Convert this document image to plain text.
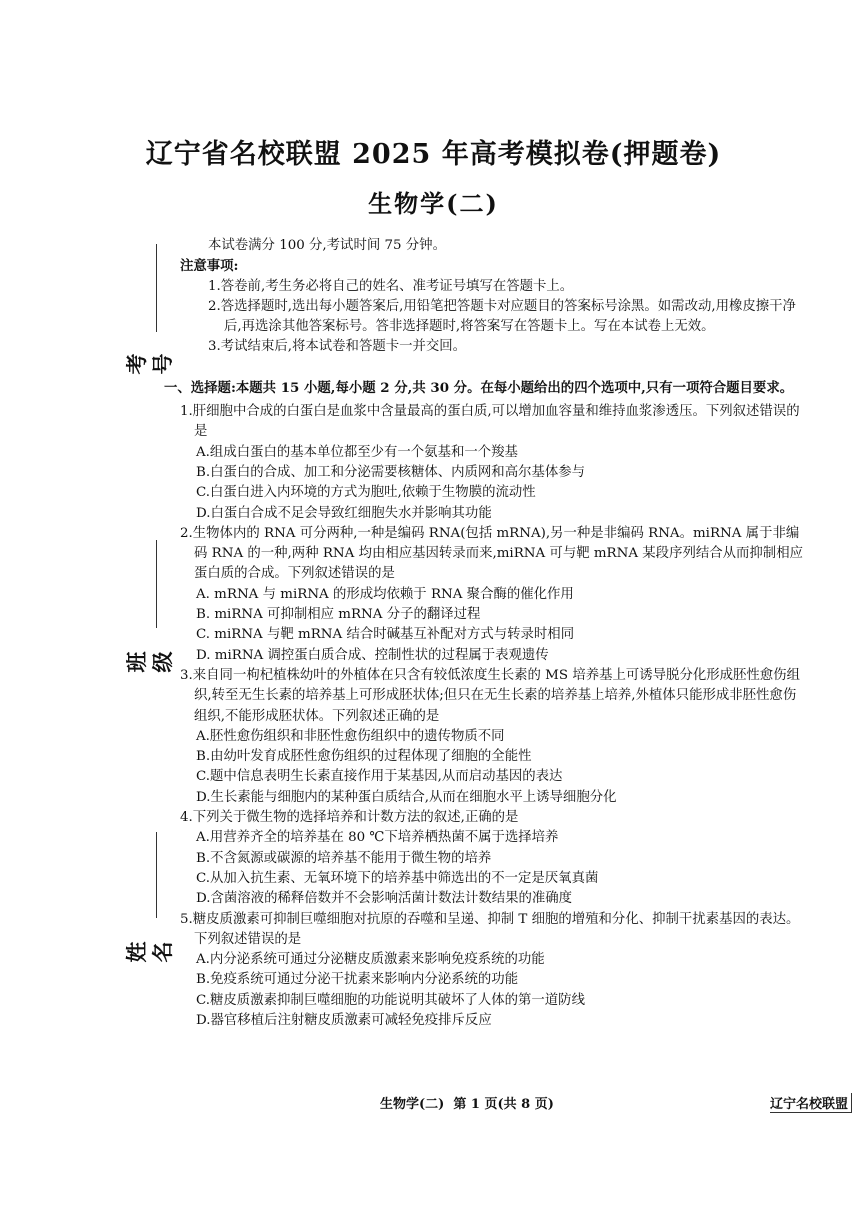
辽宁省名校联盟 2025 年高考模拟卷(押题卷)
生物学(二)
考号
班级
姓名

本试卷满分 100 分,考试时间 75 分钟。

注意事项:

1.答卷前,考生务必将自己的姓名、准考证号填写在答题卡上。

2.答选择题时,选出每小题答案后,用铅笔把答题卡对应题目的答案标号涂黑。如需改动,用橡皮擦干净后,再选涂其他答案标号。答非选择题时,将答案写在答题卡上。写在本试卷上无效。

3.考试结束后,将本试卷和答题卡一并交回。

一、选择题:本题共 15 小题,每小题 2 分,共 30 分。在每小题给出的四个选项中,只有一项符合题目要求。

1.肝细胞中合成的白蛋白是血浆中含量最高的蛋白质,可以增加血容量和维持血浆渗透压。下列叙述错误的是

A.组成白蛋白的基本单位都至少有一个氨基和一个羧基

B.白蛋白的合成、加工和分泌需要核糖体、内质网和高尔基体参与

C.白蛋白进入内环境的方式为胞吐,依赖于生物膜的流动性

D.白蛋白合成不足会导致红细胞失水并影响其功能

2.生物体内的 RNA 可分两种,一种是编码 RNA(包括 mRNA),另一种是非编码 RNA。miRNA 属于非编码 RNA 的一种,两种 RNA 均由相应基因转录而来,miRNA 可与靶 mRNA 某段序列结合从而抑制相应蛋白质的合成。下列叙述错误的是

A. mRNA 与 miRNA 的形成均依赖于 RNA 聚合酶的催化作用

B. miRNA 可抑制相应 mRNA 分子的翻译过程

C. miRNA 与靶 mRNA 结合时碱基互补配对方式与转录时相同

D. miRNA 调控蛋白质合成、控制性状的过程属于表观遗传

3.来自同一枸杞植株幼叶的外植体在只含有较低浓度生长素的 MS 培养基上可诱导脱分化形成胚性愈伤组织,转至无生长素的培养基上可形成胚状体;但只在无生长素的培养基上培养,外植体只能形成非胚性愈伤组织,不能形成胚状体。下列叙述正确的是

A.胚性愈伤组织和非胚性愈伤组织中的遗传物质不同

B.由幼叶发育成胚性愈伤组织的过程体现了细胞的全能性

C.题中信息表明生长素直接作用于某基因,从而启动基因的表达

D.生长素能与细胞内的某种蛋白质结合,从而在细胞水平上诱导细胞分化

4.下列关于微生物的选择培养和计数方法的叙述,正确的是

A.用营养齐全的培养基在 80 ℃下培养栖热菌不属于选择培养

B.不含氮源或碳源的培养基不能用于微生物的培养

C.从加入抗生素、无氧环境下的培养基中筛选出的不一定是厌氧真菌

D.含菌溶液的稀释倍数并不会影响活菌计数法计数结果的准确度

5.糖皮质激素可抑制巨噬细胞对抗原的吞噬和呈递、抑制 T 细胞的增殖和分化、抑制干扰素基因的表达。下列叙述错误的是

A.内分泌系统可通过分泌糖皮质激素来影响免疫系统的功能

B.免疫系统可通过分泌干扰素来影响内分泌系统的功能

C.糖皮质激素抑制巨噬细胞的功能说明其破坏了人体的第一道防线

D.器官移植后注射糖皮质激素可减轻免疫排斥反应

生物学(二)  第 1 页(共 8 页)	辽宁名校联盟
